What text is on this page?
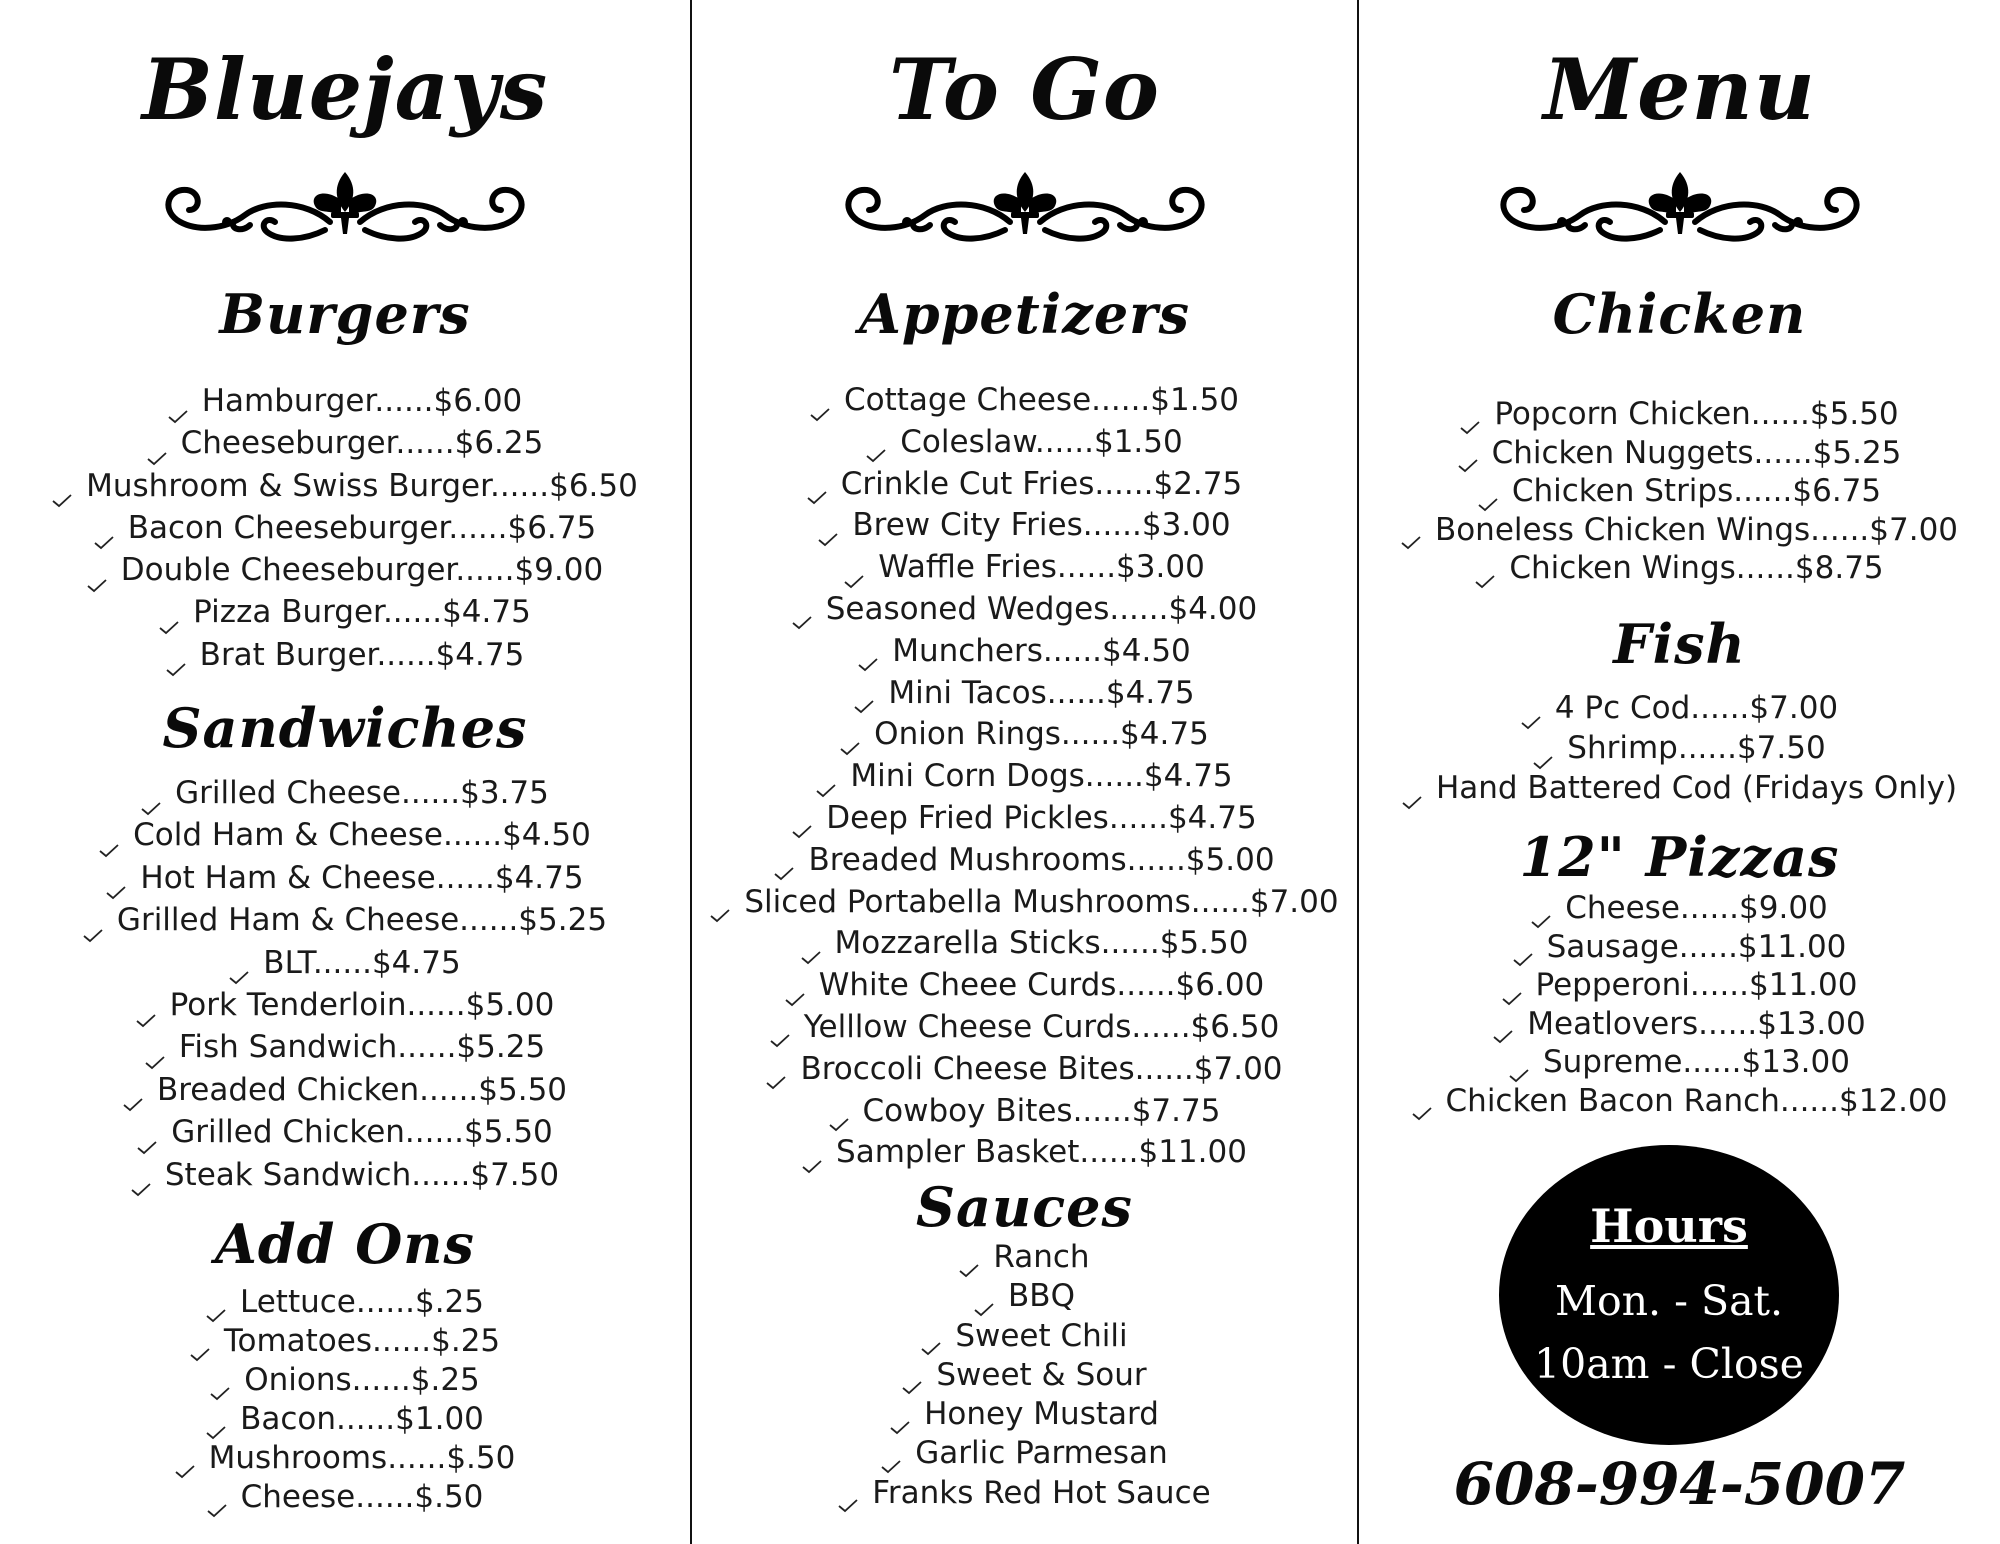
Bluejays
Burgers
Hamburger......$6.00
Cheeseburger......$6.25
Mushroom & Swiss Burger......$6.50
Bacon Cheeseburger......$6.75
Double Cheeseburger......$9.00
Pizza Burger......$4.75
Brat Burger......$4.75
Sandwiches
Grilled Cheese......$3.75
Cold Ham & Cheese......$4.50
Hot Ham & Cheese......$4.75
Grilled Ham & Cheese......$5.25
BLT......$4.75
Pork Tenderloin......$5.00
Fish Sandwich......$5.25
Breaded Chicken......$5.50
Grilled Chicken......$5.50
Steak Sandwich......$7.50
Add Ons
Lettuce......$.25
Tomatoes......$.25
Onions......$.25
Bacon......$1.00
Mushrooms......$.50
Cheese......$.50
To Go
Appetizers
Cottage Cheese......$1.50
Coleslaw......$1.50
Crinkle Cut Fries......$2.75
Brew City Fries......$3.00
Waffle Fries......$3.00
Seasoned Wedges......$4.00
Munchers......$4.50
Mini Tacos......$4.75
Onion Rings......$4.75
Mini Corn Dogs......$4.75
Deep Fried Pickles......$4.75
Breaded Mushrooms......$5.00
Sliced Portabella Mushrooms......$7.00
Mozzarella Sticks......$5.50
White Cheee Curds......$6.00
Yelllow Cheese Curds......$6.50
Broccoli Cheese Bites......$7.00
Cowboy Bites......$7.75
Sampler Basket......$11.00
Sauces
Ranch
BBQ
Sweet Chili
Sweet & Sour
Honey Mustard
Garlic Parmesan
Franks Red Hot Sauce
Menu
Chicken
Popcorn Chicken......$5.50
Chicken Nuggets......$5.25
Chicken Strips......$6.75
Boneless Chicken Wings......$7.00
Chicken Wings......$8.75
Fish
4 Pc Cod......$7.00
Shrimp......$7.50
Hand Battered Cod (Fridays Only)
12" Pizzas
Cheese......$9.00
Sausage......$11.00
Pepperoni......$11.00
Meatlovers......$13.00
Supreme......$13.00
Chicken Bacon Ranch......$12.00
Hours
Mon. - Sat.
10am - Close
608-994-5007
